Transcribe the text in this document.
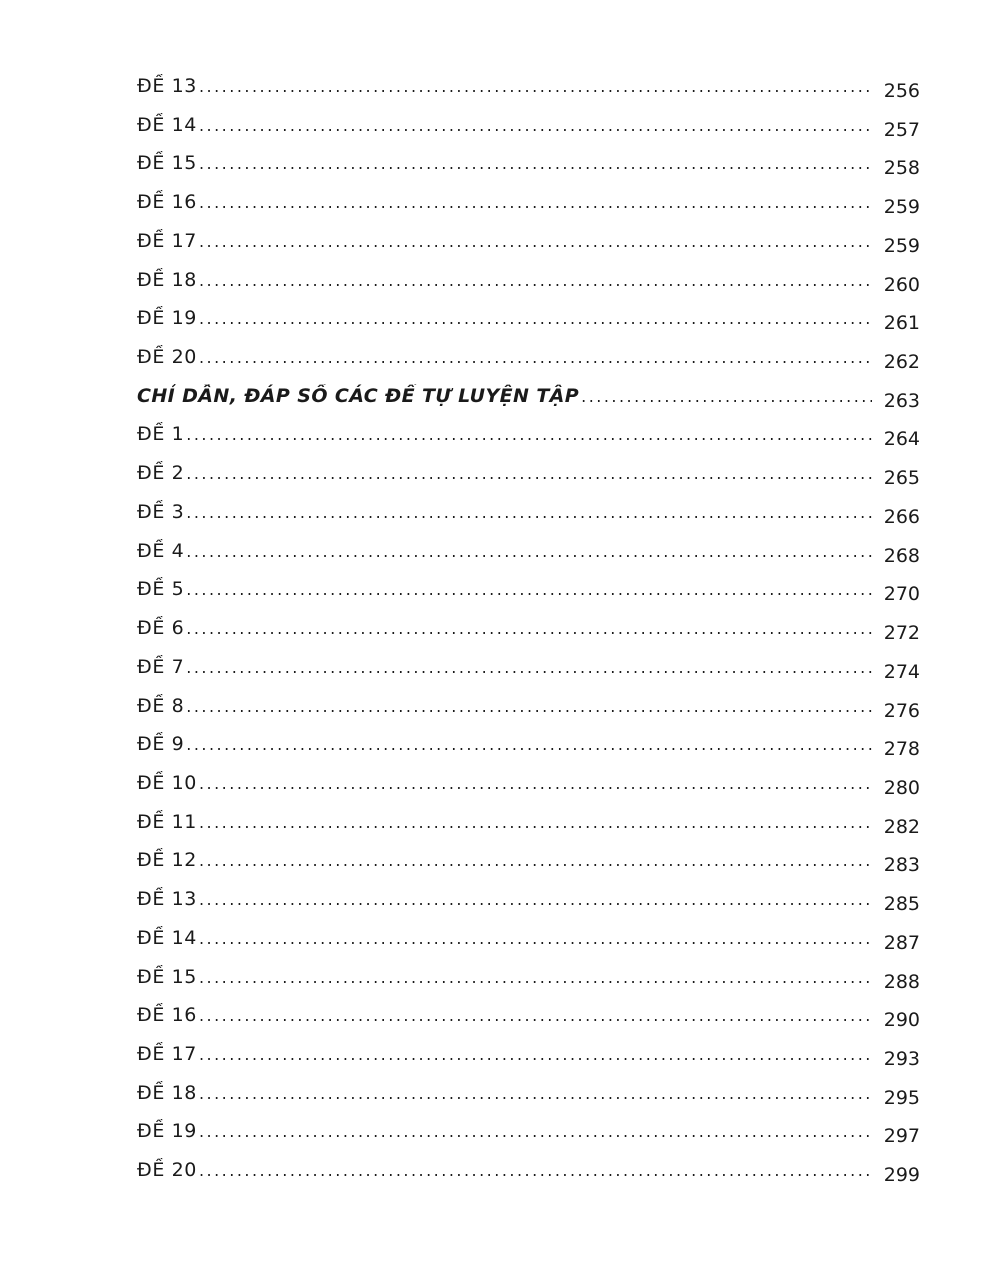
ĐỀ 13 . . .	256
ĐỀ 14 . . .	257
ĐỀ 15 . . .	258
ĐỀ 16 . . .	259
ĐỀ 17 . . .	259
ĐỀ 18 . . .	260
ĐỀ 19 . . .	261
ĐỀ 20 . . .	262
CHỈ DẪN, ĐÁP SỐ CÁC ĐỀ TỰ LUYỆN TẬP . . .	263
ĐỀ 1 . . .	264
ĐỀ 2 . . .	265
ĐỀ 3 . . .	266
ĐỀ 4 . . .	268
ĐỀ 5 . . .	270
ĐỀ 6 . . .	272
ĐỀ 7 . . .	274
ĐỀ 8 . . .	276
ĐỀ 9 . . .	278
ĐỀ 10 . . .	280
ĐỀ 11 . . .	282
ĐỀ 12 . . .	283
ĐỀ 13 . . .	285
ĐỀ 14 . . .	287
ĐỀ 15 . . .	288
ĐỀ 16 . . .	290
ĐỀ 17 . . .	293
ĐỀ 18 . . .	295
ĐỀ 19 . . .	297
ĐỀ 20 . . .	299
